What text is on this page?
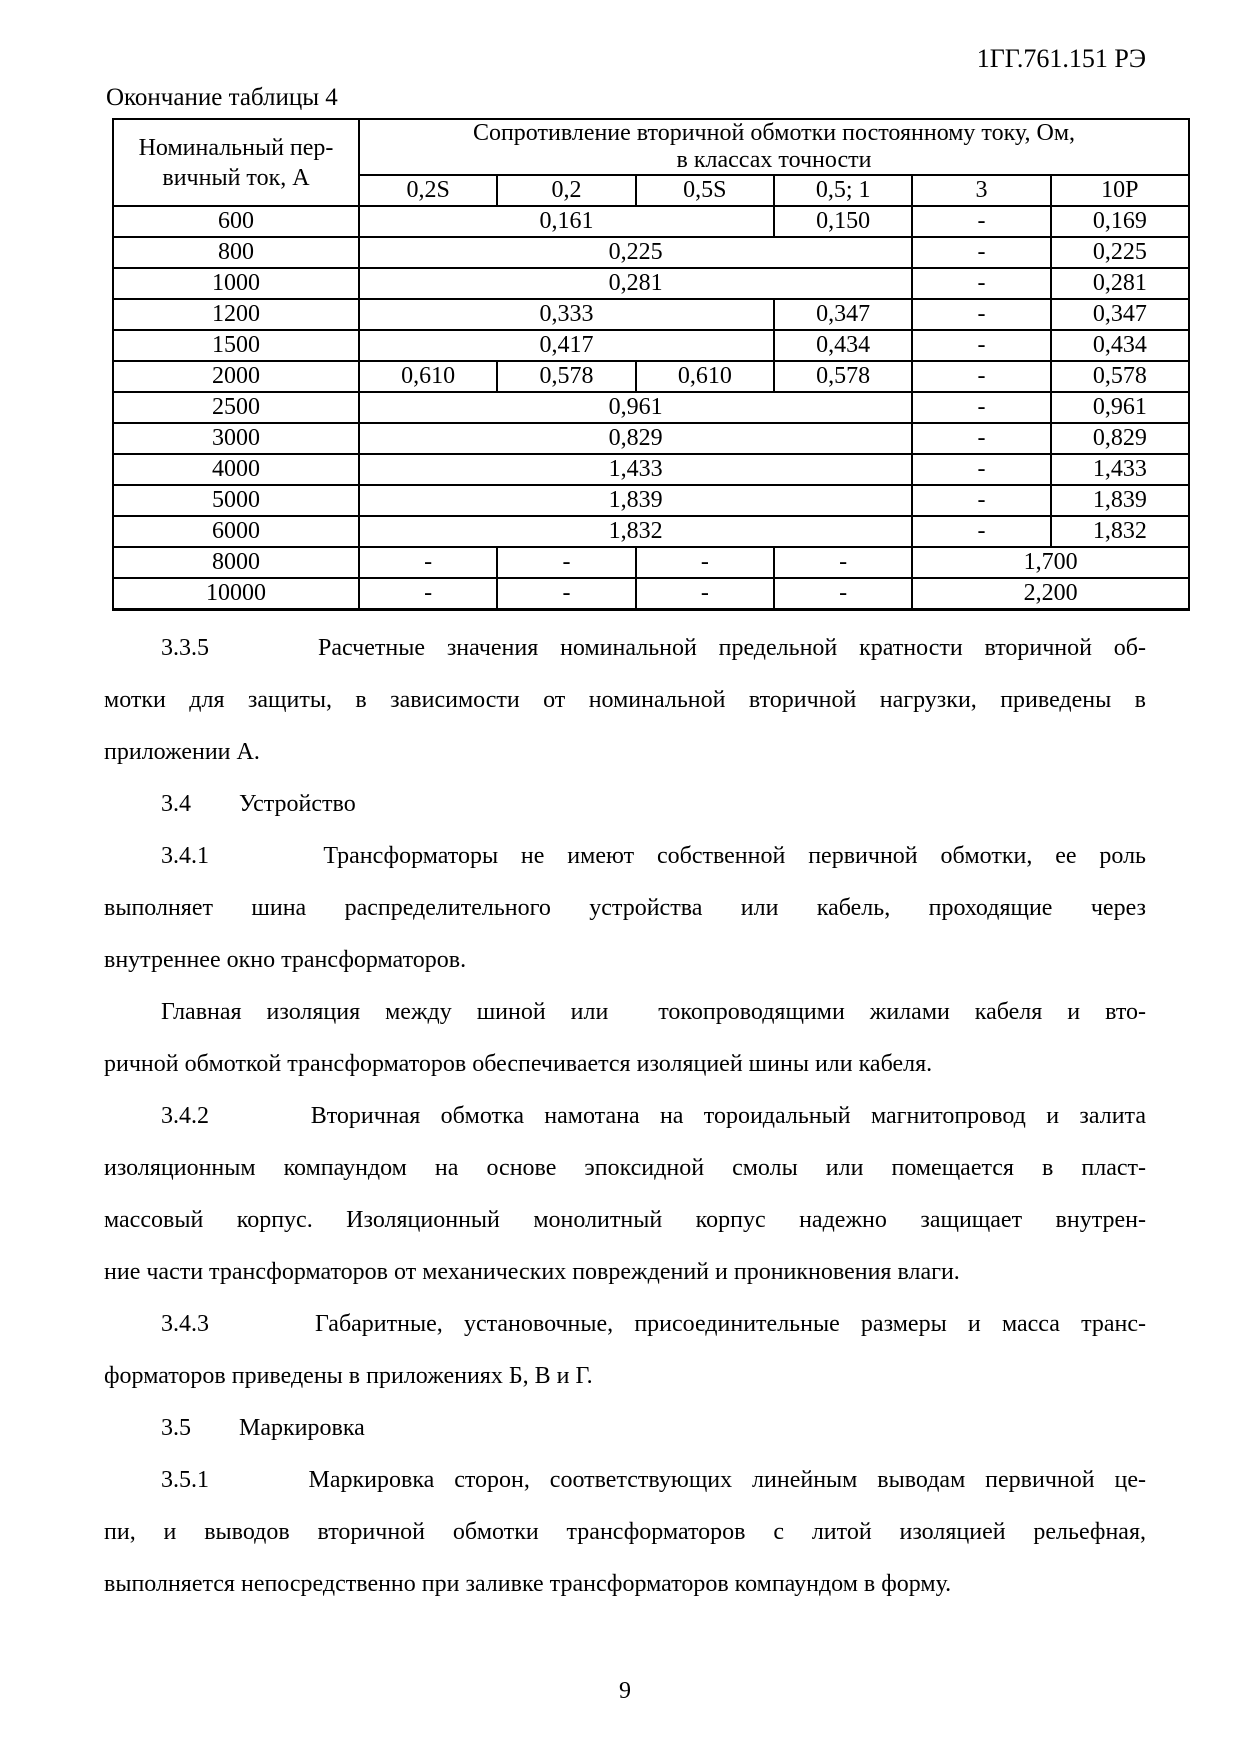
1ГГ.761.151 РЭ
Окончание таблицы 4
Номинальный пер-
вичный ток, А

Сопротивление вторичной обмотки постоянному току, Ом,
в классах точности

	0,2S	0,2	0,5S	0,5; 1	3	10Р
600	0,161			0,150	-	0,169
800	0,225				-	0,225
1000	0,281				-	0,281
1200	0,333			0,347	-	0,347
1500	0,417			0,434	-	0,434
2000	0,610	0,578	0,610	0,578	-	0,578
2500	0,961				-	0,961
3000	0,829				-	0,829
4000	1,433				-	1,433
5000	1,839				-	1,839
6000	1,832				-	1,832
8000	-	-	-	-	1,700	
10000	-	-	-	-	2,200	
3.3.5     Расчетные значения номинальной предельной кратности вторичной об-
мотки для защиты, в зависимости от номинальной вторичной нагрузки, приведены в
приложении А.
3.4        Устройство
3.4.1     Трансформаторы не имеют собственной первичной обмотки, ее роль
выполняет шина распределительного устройства или кабель, проходящие через
внутреннее окно трансформаторов.
Главная изоляция между шиной или  токопроводящими жилами кабеля и вто-
ричной обмоткой трансформаторов обеспечивается изоляцией шины или кабеля.
3.4.2     Вторичная обмотка намотана на тороидальный магнитопровод и залита
изоляционным компаундом на основе эпоксидной смолы или помещается в пласт-
массовый корпус. Изоляционный монолитный корпус надежно защищает внутрен-
ние части трансформаторов от механических повреждений и проникновения влаги.
3.4.3     Габаритные, установочные, присоединительные размеры и масса транс-
форматоров приведены в приложениях Б, В и Г.
3.5        Маркировка
3.5.1     Маркировка сторон, соответствующих линейным выводам первичной це-
пи, и выводов вторичной обмотки трансформаторов с литой изоляцией рельефная,
выполняется непосредственно при заливке трансформаторов компаундом в форму.
9
